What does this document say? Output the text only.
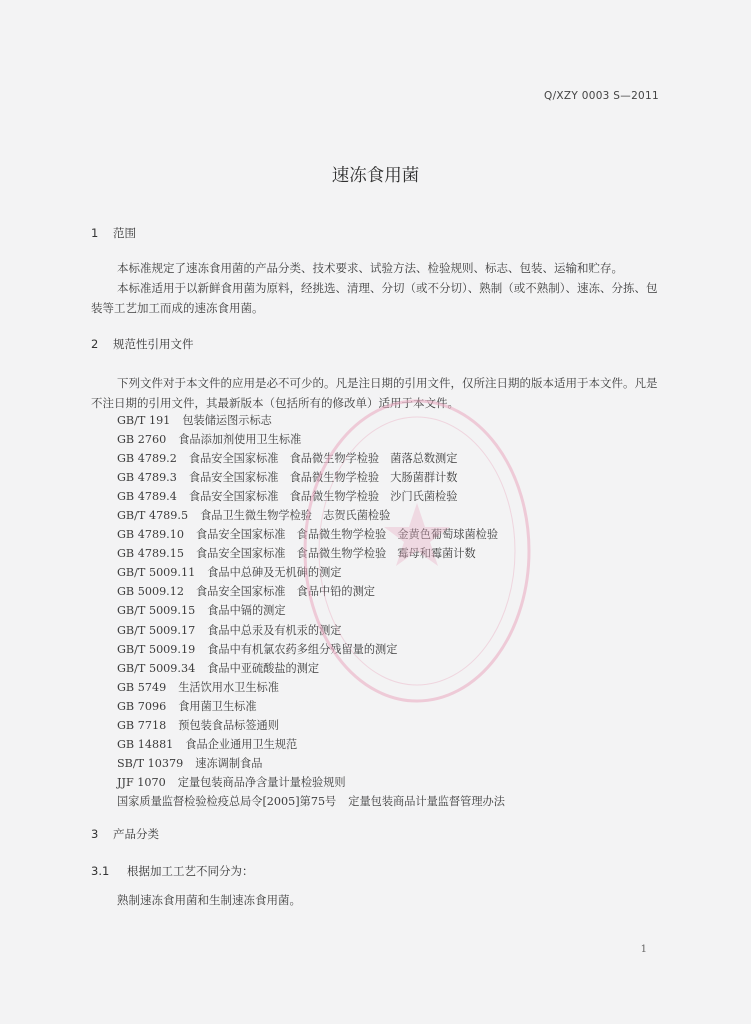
Q/XZY 0003 S—2011
速冻食用菌
1 范围

本标准规定了速冻食用菌的产品分类、技术要求、试验方法、检验规则、标志、包装、运输和贮存。

本标准适用于以新鲜食用菌为原料，经挑选、清理、分切（或不分切）、熟制（或不熟制）、速冻、分拣、包装等工艺加工而成的速冻食用菌。

2 规范性引用文件

下列文件对于本文件的应用是必不可少的。凡是注日期的引用文件，仅所注日期的版本适用于本文件。凡是不注日期的引用文件，其最新版本（包括所有的修改单）适用于本文件。

GB/T 191 包装储运图示标志
GB 2760 食品添加剂使用卫生标准
GB 4789.2 食品安全国家标准　食品微生物学检验　菌落总数测定
GB 4789.3 食品安全国家标准　食品微生物学检验　大肠菌群计数
GB 4789.4 食品安全国家标准　食品微生物学检验　沙门氏菌检验
GB/T 4789.5 食品卫生微生物学检验　志贺氏菌检验
GB 4789.10 食品安全国家标准　食品微生物学检验　金黄色葡萄球菌检验
GB 4789.15 食品安全国家标准　食品微生物学检验　霉母和霉菌计数
GB/T 5009.11 食品中总砷及无机砷的测定
GB 5009.12 食品安全国家标准　食品中铅的测定
GB/T 5009.15 食品中镉的测定
GB/T 5009.17 食品中总汞及有机汞的测定
GB/T 5009.19 食品中有机氯农药多组分残留量的测定
GB/T 5009.34 食品中亚硫酸盐的测定
GB 5749 生活饮用水卫生标准
GB 7096 食用菌卫生标准
GB 7718 预包装食品标签通则
GB 14881 食品企业通用卫生规范
SB/T 10379 速冻调制食品
JJF 1070 定量包装商品净含量计量检验规则
国家质量监督检验检疫总局令[2005]第75号 定量包装商品计量监督管理办法
3 产品分类
3.1 根据加工工艺不同分为：

熟制速冻食用菌和生制速冻食用菌。

1
